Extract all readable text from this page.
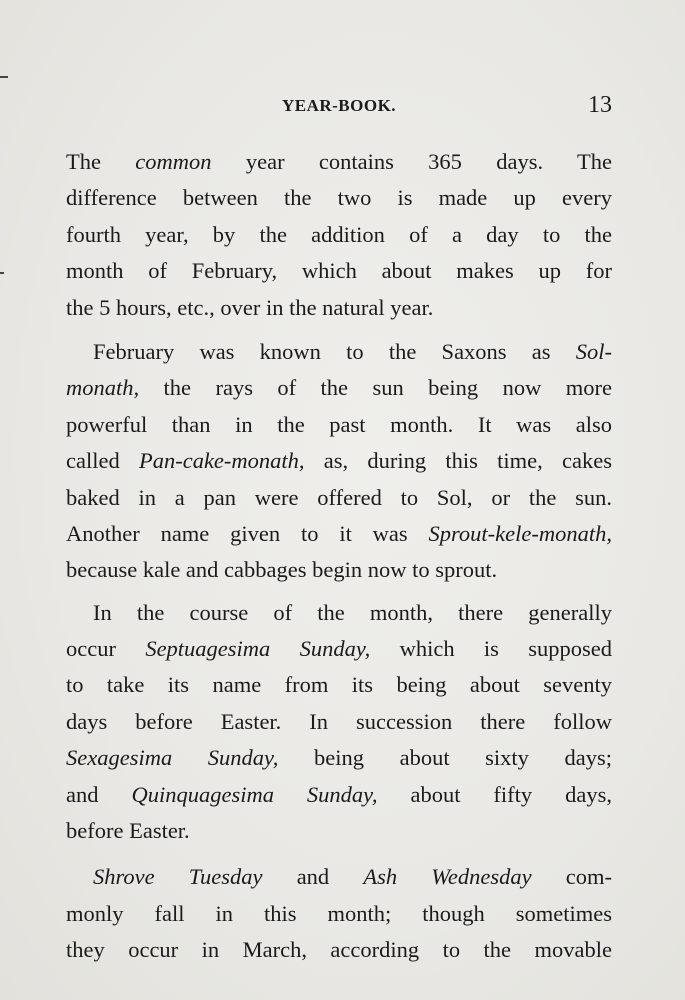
YEAR-BOOK.	13
The common year contains 365 days. The
difference between the two is made up every
fourth year, by the addition of a day to the
month of February, which about makes up for
the 5 hours, etc., over in the natural year.
February was known to the Saxons as Sol-
monath, the rays of the sun being now more
powerful than in the past month. It was also
called Pan-cake-monath, as, during this time, cakes
baked in a pan were offered to Sol, or the sun.
Another name given to it was Sprout-kele-monath,
because kale and cabbages begin now to sprout.
In the course of the month, there generally
occur Septuagesima Sunday, which is supposed
to take its name from its being about seventy
days before Easter. In succession there follow
Sexagesima Sunday, being about sixty days;
and Quinquagesima Sunday, about fifty days,
before Easter.
Shrove Tuesday and Ash Wednesday com-
monly fall in this month; though sometimes
they occur in March, according to the movable
